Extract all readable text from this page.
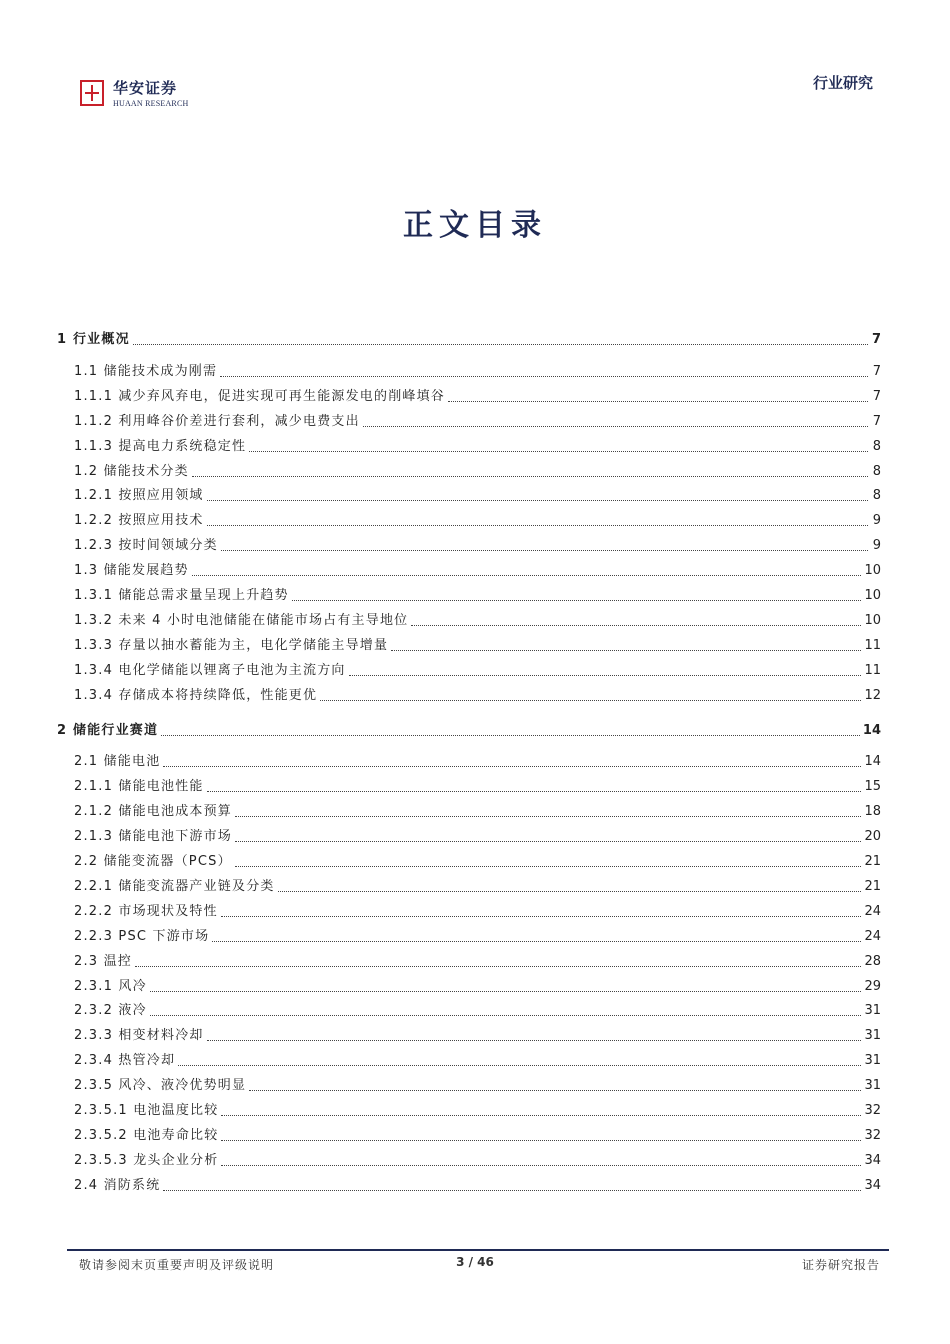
华安证券
HUAAN RESEARCH
行业研究
正文目录
1 行业概况	7
1.1 储能技术成为刚需	7
1.1.1 减少弃风弃电，促进实现可再生能源发电的削峰填谷	7
1.1.2 利用峰谷价差进行套利，减少电费支出	7
1.1.3 提高电力系统稳定性	8
1.2 储能技术分类	8
1.2.1 按照应用领域	8
1.2.2 按照应用技术	9
1.2.3 按时间领域分类	9
1.3 储能发展趋势	10
1.3.1 储能总需求量呈现上升趋势	10
1.3.2 未来 4 小时电池储能在储能市场占有主导地位	10
1.3.3 存量以抽水蓄能为主，电化学储能主导增量	11
1.3.4 电化学储能以锂离子电池为主流方向	11
1.3.4 存储成本将持续降低，性能更优	12
2 储能行业赛道	14
2.1 储能电池	14
2.1.1 储能电池性能	15
2.1.2 储能电池成本预算	18
2.1.3 储能电池下游市场	20
2.2 储能变流器（PCS）	21
2.2.1 储能变流器产业链及分类	21
2.2.2 市场现状及特性	24
2.2.3 PSC 下游市场	24
2.3 温控	28
2.3.1 风冷	29
2.3.2 液冷	31
2.3.3 相变材料冷却	31
2.3.4 热管冷却	31
2.3.5 风冷、液冷优势明显	31
2.3.5.1 电池温度比较	32
2.3.5.2 电池寿命比较	32
2.3.5.3 龙头企业分析	34
2.4 消防系统	34
敬请参阅末页重要声明及评级说明	3 / 46	证券研究报告
